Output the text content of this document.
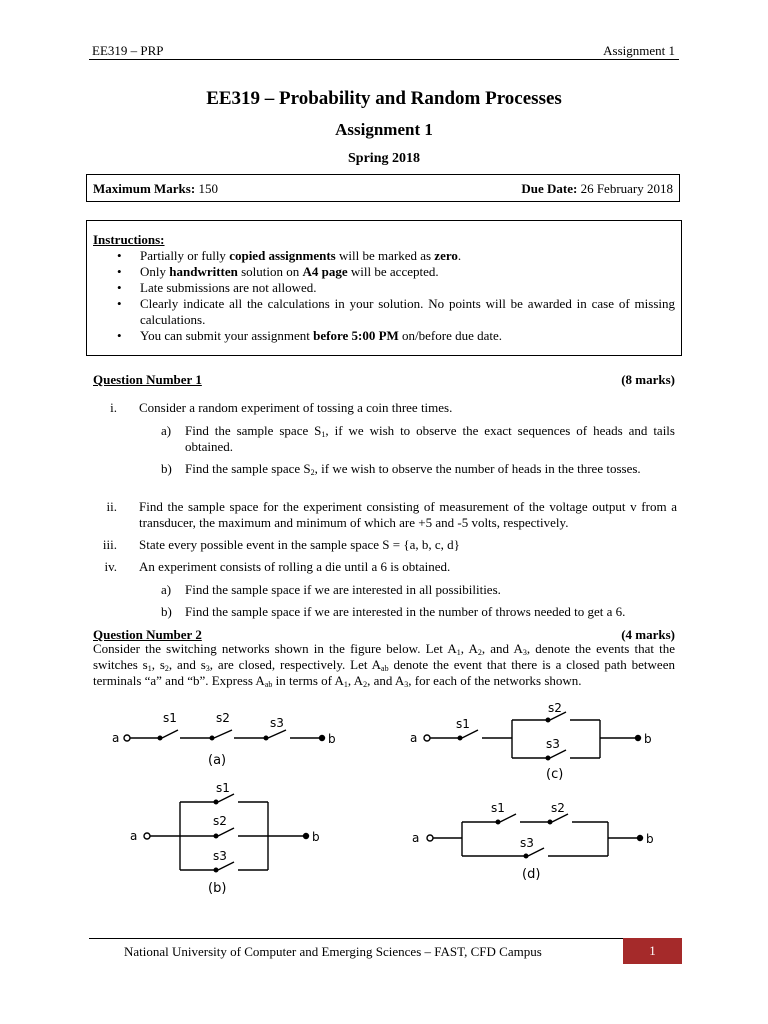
EE319 – PRP	Assignment 1
EE319 – Probability and Random Processes
Assignment 1
Spring 2018
Maximum Marks: 150	Due Date: 26 February 2018
Instructions:
• Partially or fully copied assignments will be marked as zero.
• Only handwritten solution on A4 page will be accepted.
• Late submissions are not allowed.
• Clearly indicate all the calculations in your solution. No points will be awarded in case of missing calculations.
• You can submit your assignment before 5:00 PM on/before due date.
Question Number 1	(8 marks)
i. Consider a random experiment of tossing a coin three times.
a) Find the sample space $S_1$, if we wish to observe the exact sequences of heads and tails obtained.
b) Find the sample space $S_2$, if we wish to observe the number of heads in the three tosses.
ii. Find the sample space for the experiment consisting of measurement of the voltage output v from a transducer, the maximum and minimum of which are +5 and -5 volts, respectively.
iii. State every possible event in the sample space S = {a, b, c, d}
iv. An experiment consists of rolling a die until a 6 is obtained.
a) Find the sample space if we are interested in all possibilities.
b) Find the sample space if we are interested in the number of throws needed to get a 6.
Question Number 2	(4 marks)
Consider the switching networks shown in the figure below. Let $A_1$, $A_2$, and $A_3$, denote the events that the switches $s_1$, $s_2$, and $s_3$, are closed, respectively. Let $A_{ab}$ denote the event that there is a closed path between terminals “a” and “b”. Express $A_{ab}$ in terms of $A_1$, $A_2$, and $A_3$, for each of the networks shown.
a	b
s1	s2	s3
(a)
a	b
s1
s2
s3
(b)
a
s1
s2
s3	b
(c)
a
s1	s2
s3	b
(d)
National University of Computer and Emerging Sciences – FAST, CFD Campus	1
